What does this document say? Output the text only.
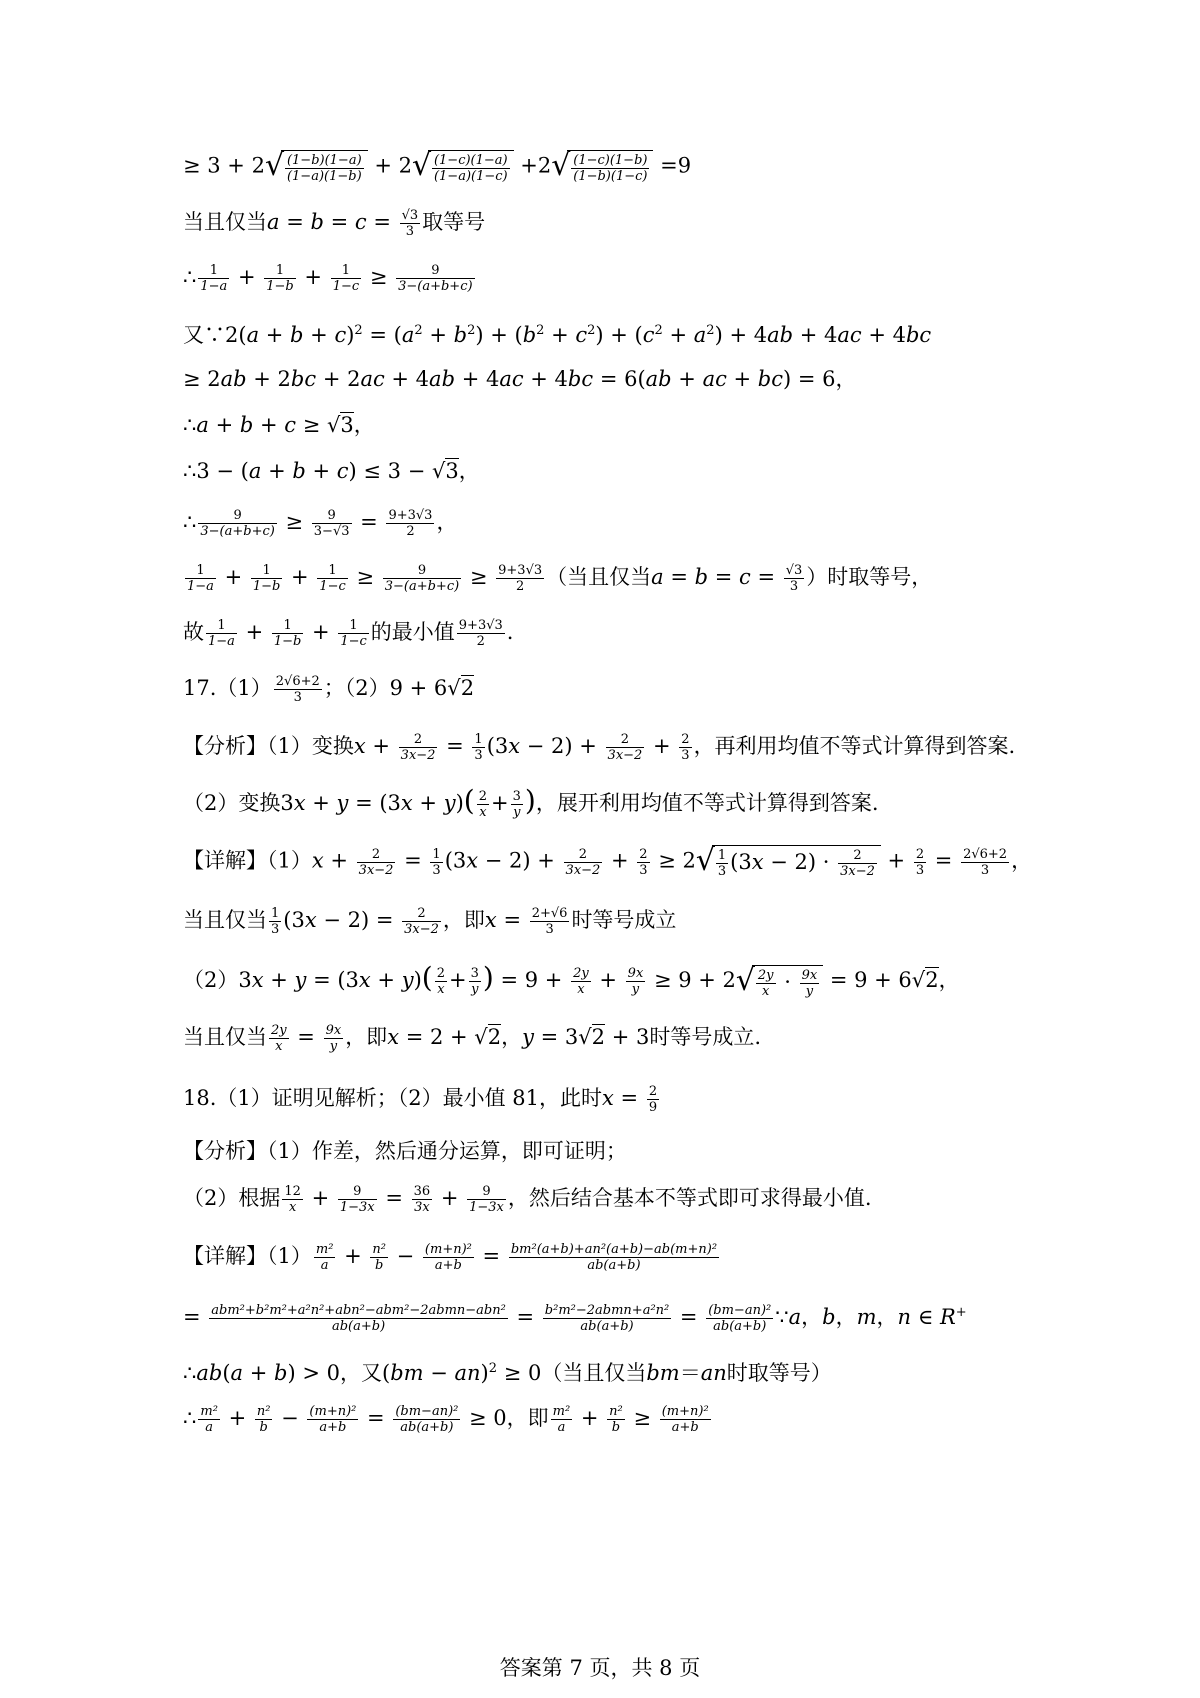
≥ 3 + 2 √ $\frac{(1-b)(1-a)}{(1-a)(1-b)} + 2$ √ $\frac{(1-c)(1-a)}{(1-a)(1-c)} +2$ √ $\frac{(1-c)(1-b)}{(1-b)(1-c)} =9$
当且仅当$a = b = c = \frac{√3}{3}$ 取等号
∴ $\frac{1}{1-a} + \frac{1}{1-b} + \frac{1}{1-c} \ge \frac{9}{3-(a+b+c)}$
又∵2(a + $b + c)^2 = (a^2 + b^2) + (b^2 + c^2) + (c^2 + a^2) + 4ab + 4ac + 4bc$
≥ 2ab + 2bc + 2ac + 4ab + 4ac + 4bc = 6(ab + ac + bc) = 6，
∴a + b + c ≥ √3，
∴3 − (a + b + c) ≤ 3 − √3，
∴ $\frac{9}{3-(a+b+c)} \ge \frac{9}{3-√3} = \frac{9+3√3}{2}$ ，
$\frac{1}{1-a} + \frac{1}{1-b} + \frac{1}{1-c} \ge \frac{9}{3-(a+b+c)} \ge \frac{9+3√3}{2}$ （当且仅当$a = b = c = \frac{√3}{3}$ ）时取等号，
故 $\frac{1}{1-a} + \frac{1}{1-b} + \frac{1}{1-c}$ 的最小值 $\frac{9+3√3}{2}$ .
$17.(1) \frac{2√6+2}{3}$ ；（2）9 + 6√2
【分析】（1）变换$x + \frac{2}{3x-2} = \frac{1}{3} (3x - 2) + \frac{2}{3x-2} + \frac{2}{3}$ ，再利用均值不等式计算得到答案.
（2）变换$3x + y = (3x + y)( \frac{2}{x} + \frac{3}{y}$ )，展开利用均值不等式计算得到答案.
【详解】$(1)x + \frac{2}{3x-2} = \frac{1}{3} (3x - 2) + \frac{2}{3x-2} + \frac{2}{3} \ge 2$ √ $\frac{1}{3} (3x - 2) \cdot \frac{2}{3x-2} + \frac{2}{3} = \frac{2√6+2}{3}$ ，
当且仅当 $\frac{1}{3} (3x - 2) = \frac{2}{3x-2}$ ，即$x = \frac{2+√6}{3}$ 时等号成立
$(2)3x + y = (3x + y)( \frac{2}{x} + \frac{3}{y}$ ) = $9 + \frac{2y}{x} + \frac{9x}{y} \ge 9 + 2$ √ $\frac{2y}{x} \cdot \frac{9x}{y} = 9 + 6√2$，
当且仅当 $\frac{2y}{x} = \frac{9x}{y}$ ，即x = 2 + √2，y = 3√2 + 3时等号成立.
18.（1）证明见解析；（2）最小值 81，此时$x = \frac{2}{9}$
【分析】（1）作差，然后通分运算，即可证明；
（2）根据 $\frac{12}{x} + \frac{9}{1-3x} = \frac{36}{3x} + \frac{9}{1-3x}$ ，然后结合基本不等式即可求得最小值.
【详解】$(1) \frac{\text{m²}}{a} + \frac{\text{n²}}{b} - \frac{\text{(m+n)²}}{a+b} = \frac{\text{bm²(a+b)+an²(a+b)−ab(m+n)²}}{ab(a+b)}$
= $\frac{\text{abm²+b²m²+a²n²+abn²−abm²−2abmn−abn²}}{ab(a+b)} = \frac{\text{b²m²−2abmn+a²n²}}{ab(a+b)} = \frac{\text{(bm−an)²}}{ab(a+b)}$ ∵a，b，m，n ∈ R+
∴ab(a + b) > 0，又(bm − an)$^2$ ≥ 0（当且仅当bm＝an时取等号）
∴ $\frac{\text{m²}}{a} + \frac{\text{n²}}{b} - \frac{\text{(m+n)²}}{a+b} = \frac{\text{(bm−an)²}}{ab(a+b)} \ge 0$，即 $\frac{\text{m²}}{a} + \frac{\text{n²}}{b} \ge \frac{\text{(m+n)²}}{a+b}$
答案第 7 页，共 8 页
